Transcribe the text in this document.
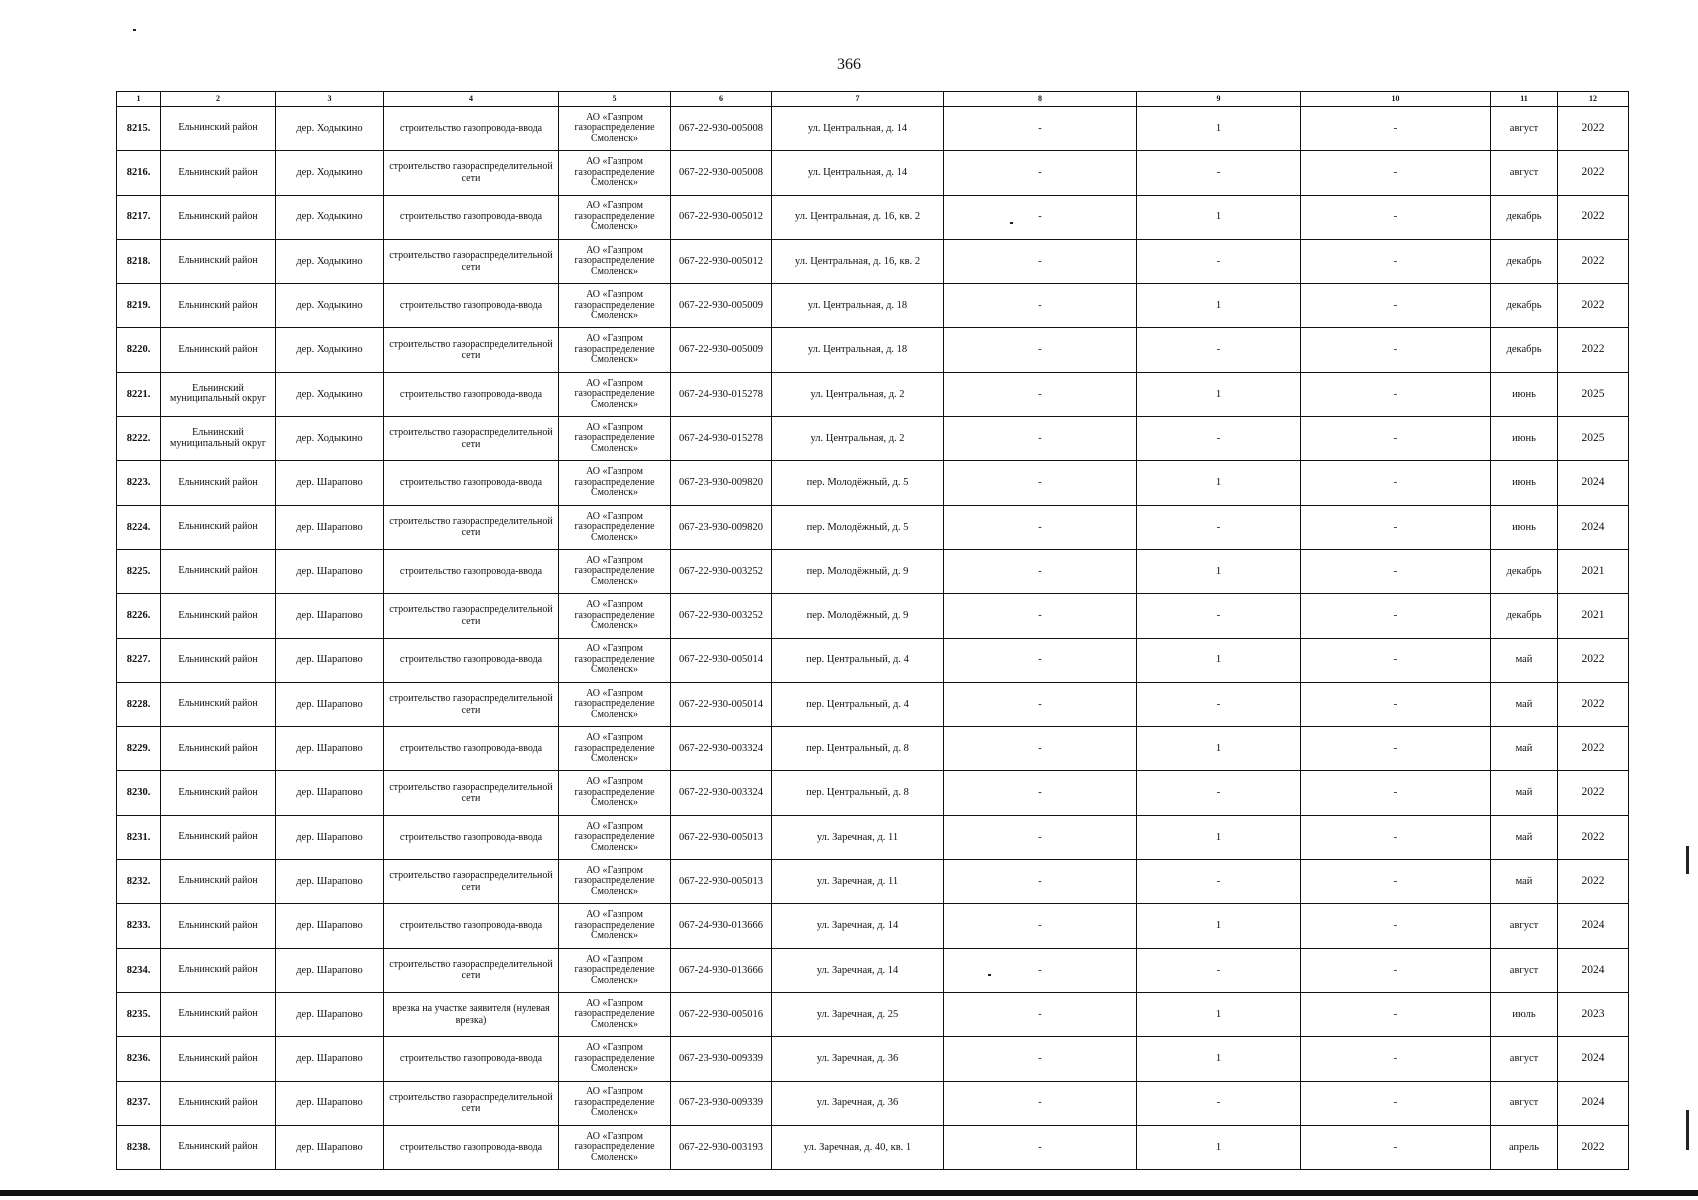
366
1	2	3	4	5	6	7	8	9	10	11	12
8215.	Ельнинский район	дер. Ходыкино	строительство газопровода-ввода	АО «Газпром
газораспределение
Смоленск»	067-22-930-005008	ул. Центральная, д. 14	-	1	-	август	2022
8216.	Ельнинский район	дер. Ходыкино	строительство газораспределительной сети	АО «Газпром
газораспределение
Смоленск»	067-22-930-005008	ул. Центральная, д. 14	-	-	-	август	2022
8217.	Ельнинский район	дер. Ходыкино	строительство газопровода-ввода	АО «Газпром
газораспределение
Смоленск»	067-22-930-005012	ул. Центральная, д. 16, кв. 2	-	1	-	декабрь	2022
8218.	Ельнинский район	дер. Ходыкино	строительство газораспределительной сети	АО «Газпром
газораспределение
Смоленск»	067-22-930-005012	ул. Центральная, д. 16, кв. 2	-	-	-	декабрь	2022
8219.	Ельнинский район	дер. Ходыкино	строительство газопровода-ввода	АО «Газпром
газораспределение
Смоленск»	067-22-930-005009	ул. Центральная, д. 18	-	1	-	декабрь	2022
8220.	Ельнинский район	дер. Ходыкино	строительство газораспределительной сети	АО «Газпром
газораспределение
Смоленск»	067-22-930-005009	ул. Центральная, д. 18	-	-	-	декабрь	2022
8221.	Ельнинский муниципальный округ	дер. Ходыкино	строительство газопровода-ввода	АО «Газпром
газораспределение
Смоленск»	067-24-930-015278	ул. Центральная, д. 2	-	1	-	июнь	2025
8222.	Ельнинский муниципальный округ	дер. Ходыкино	строительство газораспределительной сети	АО «Газпром
газораспределение
Смоленск»	067-24-930-015278	ул. Центральная, д. 2	-	-	-	июнь	2025
8223.	Ельнинский район	дер. Шарапово	строительство газопровода-ввода	АО «Газпром
газораспределение
Смоленск»	067-23-930-009820	пер. Молодёжный, д. 5	-	1	-	июнь	2024
8224.	Ельнинский район	дер. Шарапово	строительство газораспределительной сети	АО «Газпром
газораспределение
Смоленск»	067-23-930-009820	пер. Молодёжный, д. 5	-	-	-	июнь	2024
8225.	Ельнинский район	дер. Шарапово	строительство газопровода-ввода	АО «Газпром
газораспределение
Смоленск»	067-22-930-003252	пер. Молодёжный, д. 9	-	1	-	декабрь	2021
8226.	Ельнинский район	дер. Шарапово	строительство газораспределительной сети	АО «Газпром
газораспределение
Смоленск»	067-22-930-003252	пер. Молодёжный, д. 9	-	-	-	декабрь	2021
8227.	Ельнинский район	дер. Шарапово	строительство газопровода-ввода	АО «Газпром
газораспределение
Смоленск»	067-22-930-005014	пер. Центральный, д. 4	-	1	-	май	2022
8228.	Ельнинский район	дер. Шарапово	строительство газораспределительной сети	АО «Газпром
газораспределение
Смоленск»	067-22-930-005014	пер. Центральный, д. 4	-	-	-	май	2022
8229.	Ельнинский район	дер. Шарапово	строительство газопровода-ввода	АО «Газпром
газораспределение
Смоленск»	067-22-930-003324	пер. Центральный, д. 8	-	1	-	май	2022
8230.	Ельнинский район	дер. Шарапово	строительство газораспределительной сети	АО «Газпром
газораспределение
Смоленск»	067-22-930-003324	пер. Центральный, д. 8	-	-	-	май	2022
8231.	Ельнинский район	дер. Шарапово	строительство газопровода-ввода	АО «Газпром
газораспределение
Смоленск»	067-22-930-005013	ул. Заречная, д. 11	-	1	-	май	2022
8232.	Ельнинский район	дер. Шарапово	строительство газораспределительной сети	АО «Газпром
газораспределение
Смоленск»	067-22-930-005013	ул. Заречная, д. 11	-	-	-	май	2022
8233.	Ельнинский район	дер. Шарапово	строительство газопровода-ввода	АО «Газпром
газораспределение
Смоленск»	067-24-930-013666	ул. Заречная, д. 14	-	1	-	август	2024
8234.	Ельнинский район	дер. Шарапово	строительство газораспределительной сети	АО «Газпром
газораспределение
Смоленск»	067-24-930-013666	ул. Заречная, д. 14	-	-	-	август	2024
8235.	Ельнинский район	дер. Шарапово	врезка на участке заявителя (нулевая врезка)	АО «Газпром
газораспределение
Смоленск»	067-22-930-005016	ул. Заречная, д. 25	-	1	-	июль	2023
8236.	Ельнинский район	дер. Шарапово	строительство газопровода-ввода	АО «Газпром
газораспределение
Смоленск»	067-23-930-009339	ул. Заречная, д. 36	-	1	-	август	2024
8237.	Ельнинский район	дер. Шарапово	строительство газораспределительной сети	АО «Газпром
газораспределение
Смоленск»	067-23-930-009339	ул. Заречная, д. 36	-	-	-	август	2024
8238.	Ельнинский район	дер. Шарапово	строительство газопровода-ввода	АО «Газпром
газораспределение
Смоленск»	067-22-930-003193	ул. Заречная, д. 40, кв. 1	-	1	-	апрель	2022
